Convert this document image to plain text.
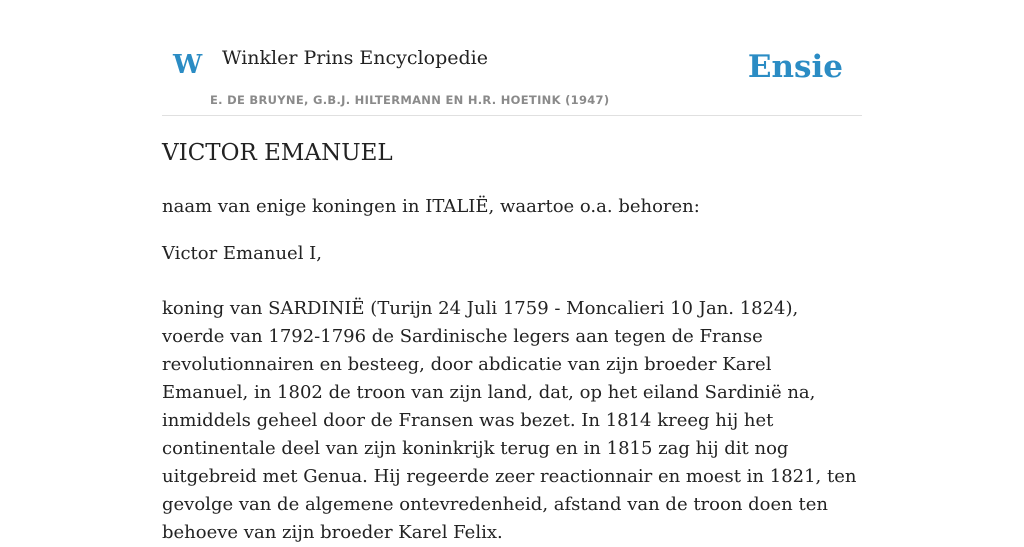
W Winkler Prins Encyclopedie
E. DE BRUYNE, G.B.J. HILTERMANN EN H.R. HOETINK (1947)
Ensie
VICTOR EMANUEL

naam van enige koningen in ITALIË, waartoe o.a. behoren:

Victor Emanuel I,

koning van SARDINIË (Turijn 24 Juli 1759 - Moncalieri 10 Jan. 1824), voerde van 1792-1796 de Sardinische legers aan tegen de Franse revolutionnairen en besteeg, door abdicatie van zijn broeder Karel Emanuel, in 1802 de troon van zijn land, dat, op het eiland Sardinië na, inmiddels geheel door de Fransen was bezet. In 1814 kreeg hij het continentale deel van zijn koninkrijk terug en in 1815 zag hij dit nog uitgebreid met Genua. Hij regeerde zeer reactionnair en moest in 1821, ten gevolge van de algemene ontevredenheid, afstand van de troon doen ten behoeve van zijn broeder Karel Felix.
